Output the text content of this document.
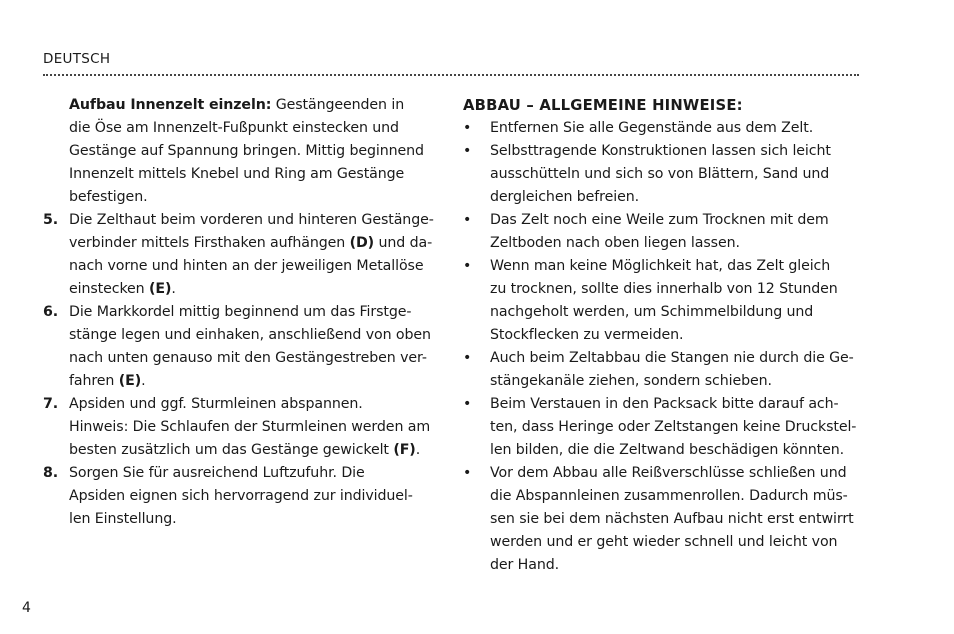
DEUTSCH
Aufbau Innenzelt einzeln: Gestängeenden in
die Öse am Innenzelt-Fußpunkt einstecken und
Gestänge auf Spannung bringen. Mittig beginnend
Innenzelt mittels Knebel und Ring am Gestänge
befestigen.
5. Die Zelthaut beim vorderen und hinteren Gestänge-
verbinder mittels Firsthaken aufhängen (D) und da-
nach vorne und hinten an der jeweiligen Metallöse
einstecken (E).
6. Die Markkordel mittig beginnend um das Firstge-
stänge legen und einhaken, anschließend von oben
nach unten genauso mit den Gestängestreben ver-
fahren (E).
7. Apsiden und ggf. Sturmleinen abspannen.
Hinweis: Die Schlaufen der Sturmleinen werden am
besten zusätzlich um das Gestänge gewickelt (F).
8. Sorgen Sie für ausreichend Luftzufuhr. Die
Apsiden eignen sich hervorragend zur individuel-
len Einstellung.
ABBAU – ALLGEMEINE HINWEISE:
•	Entfernen Sie alle Gegenstände aus dem Zelt.
•	Selbsttragende Konstruktionen lassen sich leicht
ausschütteln und sich so von Blättern, Sand und
dergleichen befreien.
•	Das Zelt noch eine Weile zum Trocknen mit dem
Zeltboden nach oben liegen lassen.
•	Wenn man keine Möglichkeit hat, das Zelt gleich
zu trocknen, sollte dies innerhalb von 12 Stunden
nachgeholt werden, um Schimmelbildung und
Stockflecken zu vermeiden.
•	Auch beim Zeltabbau die Stangen nie durch die Ge-
stängekanäle ziehen, sondern schieben.
•	Beim Verstauen in den Packsack bitte darauf ach-
ten, dass Heringe oder Zeltstangen keine Druckstel-
len bilden, die die Zeltwand beschädigen könnten.
•	Vor dem Abbau alle Reißverschlüsse schließen und
die Abspannleinen zusammenrollen. Dadurch müs-
sen sie bei dem nächsten Aufbau nicht erst entwirrt
werden und er geht wieder schnell und leicht von
der Hand.
4
